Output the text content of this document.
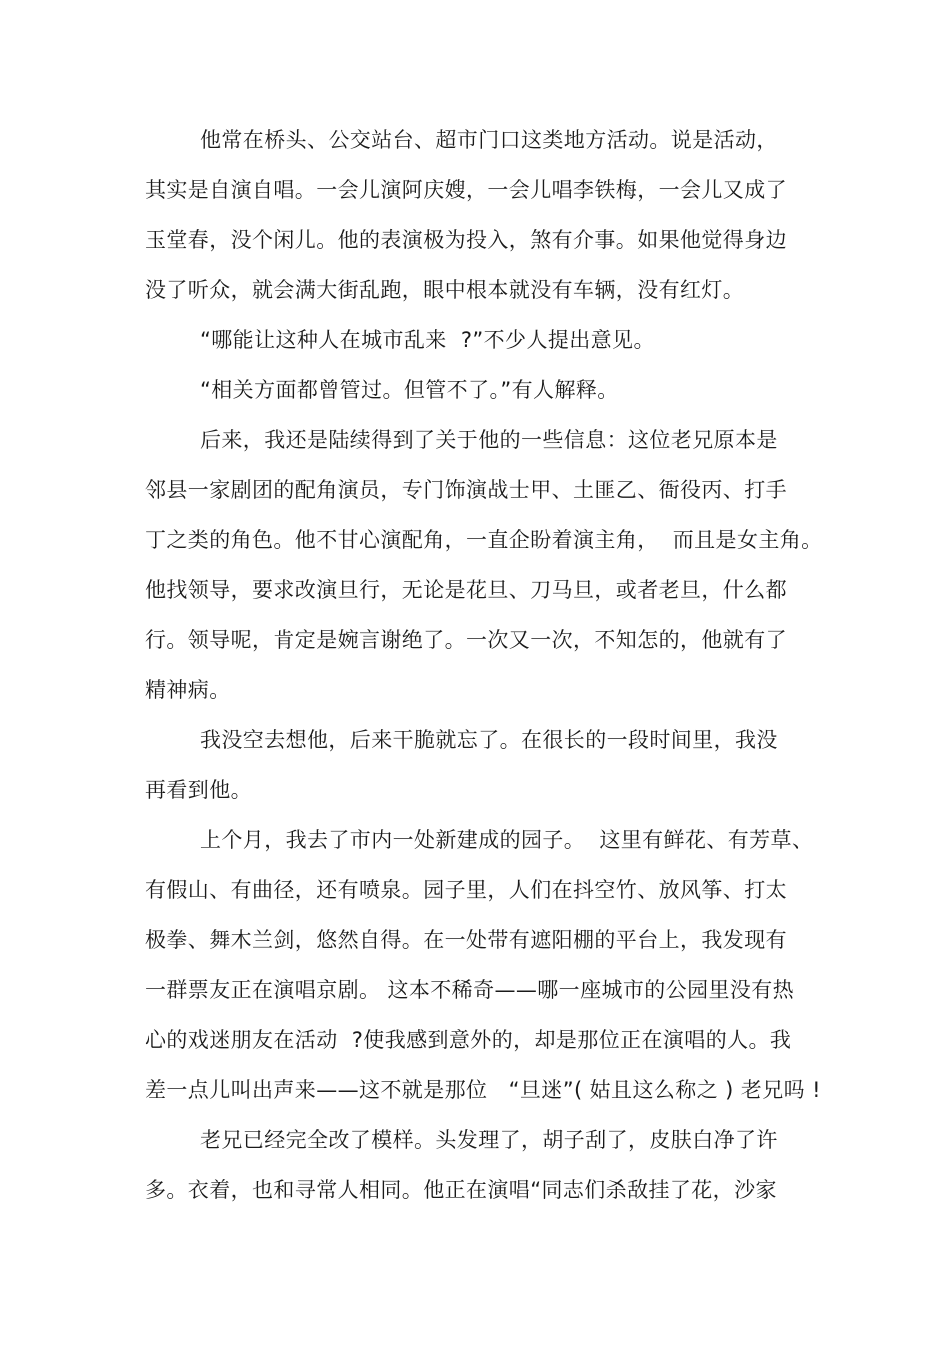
他常在桥头、公交站台、超市门口这类地方活动。说是活动，
其实是自演自唱。一会儿演阿庆嫂，一会儿唱李铁梅，一会儿又成了
玉堂春，没个闲儿。他的表演极为投入，煞有介事。如果他觉得身边
没了听众，就会满大街乱跑，眼中根本就没有车辆，没有红灯。
“哪能让这种人在城市乱来  ?”不少人提出意见。
“相关方面都曾管过。但管不了。”有人解释。
后来，我还是陆续得到了关于他的一些信息：这位老兄原本是
邻县一家剧团的配角演员，专门饰演战士甲、土匪乙、衙役丙、打手
丁之类的角色。他不甘心演配角，一直企盼着演主角，  而且是女主角。
他找领导，要求改演旦行，无论是花旦、刀马旦，或者老旦，什么都
行。领导呢，肯定是婉言谢绝了。一次又一次，不知怎的，他就有了
精神病。
我没空去想他，后来干脆就忘了。在很长的一段时间里，我没
再看到他。
上个月，我去了市内一处新建成的园子。  这里有鲜花、有芳草、
有假山、有曲径，还有喷泉。园子里，人们在抖空竹、放风筝、打太
极拳、舞木兰剑，悠然自得。在一处带有遮阳棚的平台上，我发现有
一群票友正在演唱京剧。 这本不稀奇——哪一座城市的公园里没有热
心的戏迷朋友在活动  ?使我感到意外的，却是那位正在演唱的人。我
差一点儿叫出声来——这不就是那位   “旦迷”( 姑且这么称之 ) 老兄吗 !
老兄已经完全改了模样。头发理了，胡子刮了，皮肤白净了许
多。衣着，也和寻常人相同。他正在演唱“同志们杀敌挂了花，沙家
